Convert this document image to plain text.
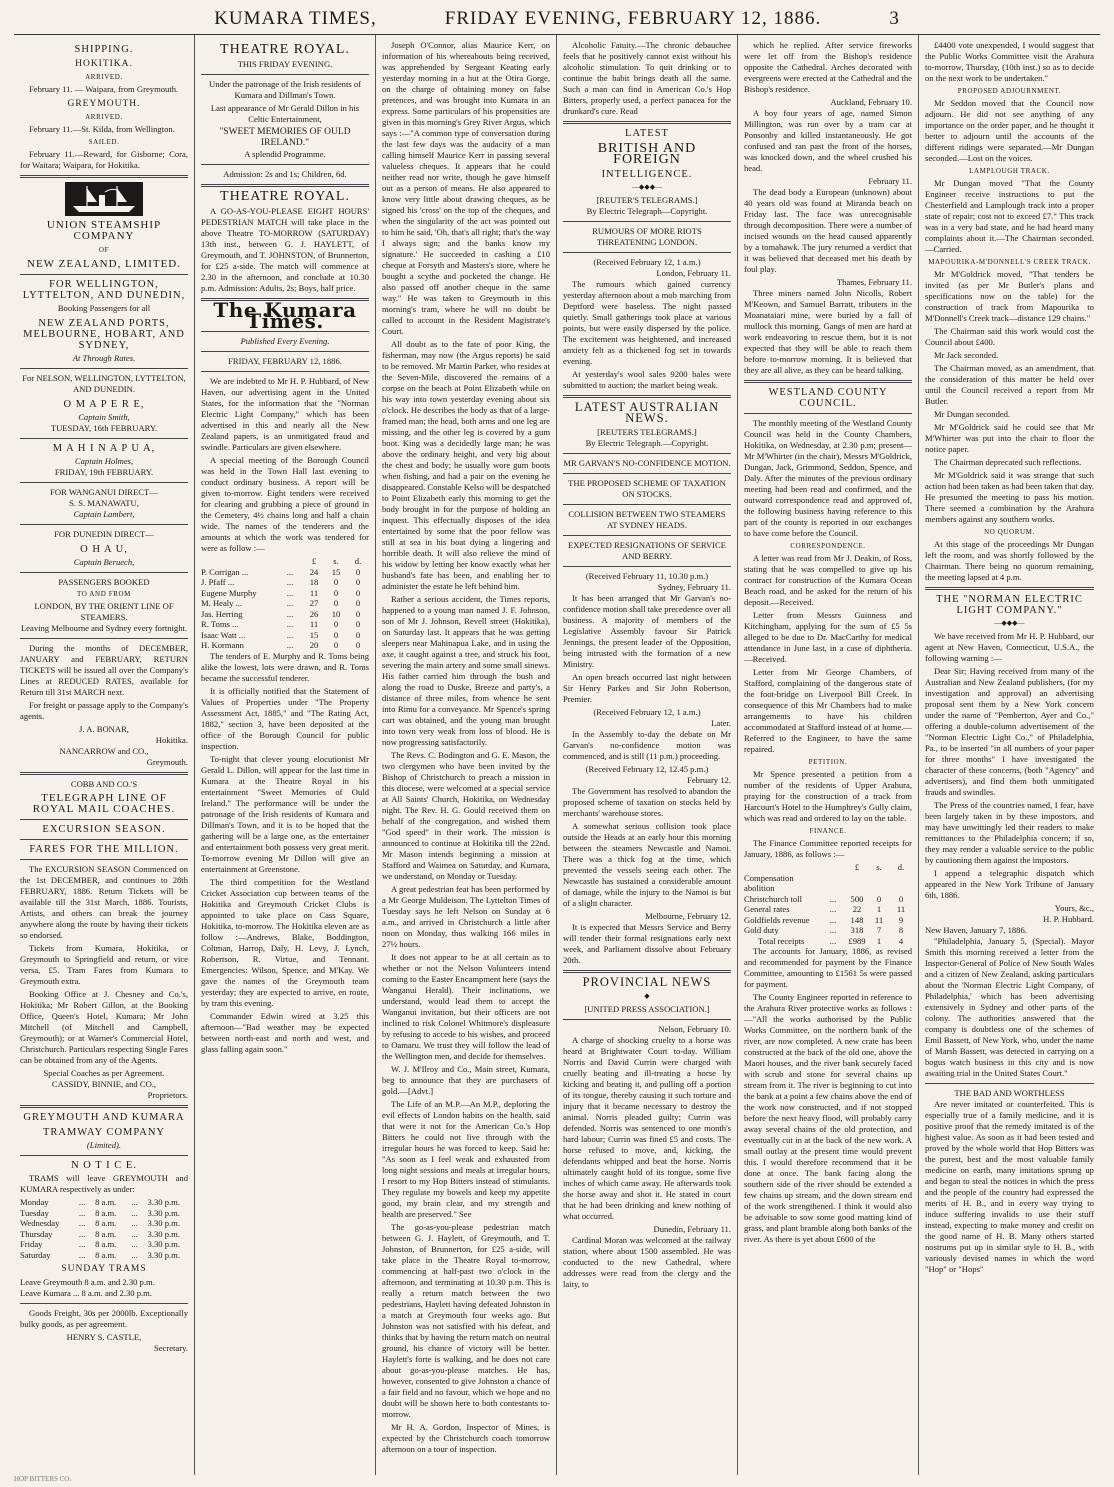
KUMARA TIMES,	FRIDAY EVENING, FEBRUARY 12, 1886.	3
SHIPPING.
HOKITIKA.
ARRIVED.

February 11. — Waipara, from Greymouth.

GREYMOUTH.
ARRIVED.

February 11.—St. Kilda, from Wellington.

SAILED.

February 11.—Reward, for Gisborne; Cora, for Waitara; Waipara, for Hokitika.

UNION STEAMSHIP COMPANY
OF
NEW ZEALAND, LIMITED.
FOR WELLINGTON, LYTTELTON, AND DUNEDIN,
Booking Passengers for all
NEW ZEALAND PORTS, MELBOURNE, HOBART, AND SYDNEY,
At Through Rates.
For NELSON, WELLINGTON, LYTTELTON, AND DUNEDIN.
O M A P E R E,
Captain Smith,
TUESDAY, 16th FEBRUARY.
M A H I N A P U A,
Captain Holmes,
FRIDAY, 19th FEBRUARY.
FOR WANGANUI DIRECT—
S. S. MANAWATU,
Captain Lambert,
FOR DUNEDIN DIRECT—
O H A U,
Captain Beruech,
PASSENGERS BOOKED
TO AND FROM
LONDON, BY THE ORIENT LINE OF STEAMERS.
Leaving Melbourne and Sydney every fortnight.

During the months of DECEMBER, JANUARY and FEBRUARY, RETURN TICKETS will be issued all over the Company's Lines at REDUCED RATES, available for Return till 31st MARCH next.

For freight or passage apply to the Company's agents.

J. A. BONAR,
Hokitika.
NANCARROW and CO.,
Greymouth.
COBB AND CO.'S
TELEGRAPH LINE OF ROYAL MAIL COACHES.
EXCURSION SEASON.
FARES FOR THE MILLION.

The EXCURSION SEASON Commenced on the 1st DECEMBER, and continues to 28th FEBRUARY, 1886. Return Tickets will be available till the 31st March, 1886. Tourists, Artists, and others can break the journey anywhere along the route by having their tickets so endorsed.

Tickets from Kumara, Hokitika, or Greymouth to Springfield and return, or vice versa, £5. Tram Fares from Kumara to Greymouth extra.

Booking Office at J. Chesney and Co.'s, Hokitika; Mr Robert Gillon, at the Booking Office, Queen's Hotel, Kumara; Mr John Mitchell (of Mitchell and Campbell, Greymouth); or at Warner's Commercial Hotel, Christchurch. Particulars respecting Single Fares can be obtained from any of the Agents.

Special Coaches as per Agreement.
CASSIDY, BINNIE, and CO.,
Proprietors.
GREYMOUTH AND KUMARA
TRAMWAY COMPANY
(Limited).
N O T I C E.

TRAMS will leave GREYMOUTH and KUMARA respectively as under:

Monday	...	8 a.m.	...	3.30 p.m.
Tuesday	...	8 a.m.	...	3.30 p.m.
Wednesday	...	8 a.m.	...	3.30 p.m.
Thursday	...	8 a.m.	...	3.30 p.m.
Friday	...	8 a.m.	...	3.30 p.m.
Saturday	...	8 a.m.	...	3.30 p.m.
SUNDAY TRAMS
Leave Greymouth 8 a.m. and 2.30 p.m.
Leave Kumara ... 8 a.m. and 2.30 p.m.

Goods Freight, 30s per 2000lb. Exceptionally bulky goods, as per agreement.

HENRY S. CASTLE,
Secretary.
THEATRE ROYAL.
THIS FRIDAY EVENING.

Under the patronage of the Irish residents of Kumara and Dillman's Town.

Last appearance of Mr Gerald Dillon in his Celtic Entertainment,

"SWEET MEMORIES OF OULD IRELAND."
A splendid Programme.
Admission: 2s and 1s; Children, 6d.
THEATRE ROYAL.

A GO-AS-YOU-PLEASE EIGHT HOURS' PEDESTRIAN MATCH will take place in the above Theatre TO-MORROW (SATURDAY) 13th inst., between G. J. HAYLETT, of Greymouth, and T. JOHNSTON, of Brunnerton, for £25 a-side. The match will commence at 2.30 in the afternoon, and conclude at 10.30 p.m. Admission: Adults, 2s; Boys, half price.

The Kumara Times.
Published Every Evening.
FRIDAY, FEBRUARY 12, 1886.

We are indebted to Mr H. P. Hubbard, of New Haven, our advertising agent in the United States, for the information that the "Norman Electric Light Company," which has been advertised in this and nearly all the New Zealand papers, is an unmitigated fraud and swindle. Particulars are given elsewhere.

A special meeting of the Borough Council was held in the Town Hall last evening to conduct ordinary business. A report will be given to-morrow. Eight tenders were received for clearing and grubbing a piece of ground in the Cemetery, 4½ chains long and half a chain wide. The names of the tenderers and the amounts at which the work was tendered for were as follow :—

		£	s.	d.
P. Corrigan ...	...	24	15	0
J. Pfaff ...	...	18	0	0
Eugene Murphy	...	11	0	0
M. Healy ...	...	27	0	0
Jas. Herring	...	26	10	0
R. Toms ...	...	11	0	0
Isaac Watt ...	...	15	0	0
H. Kormann	...	20	0	0

The tenders of E. Murphy and R. Toms being alike the lowest, lots were drawn, and R. Toms became the successful tenderer.

It is officially notified that the Statement of Values of Properties under "The Property Assessment Act, 1885," and "The Rating Act, 1882," section 3, have been deposited at the office of the Borough Council for public inspection.

To-night that clever young elocutionist Mr Gerald L. Dillon, will appear for the last time in Kumara at the Theatre Royal in his entertainment "Sweet Memories of Ould Ireland." The performance will be under the patronage of the Irish residents of Kumara and Dillman's Town, and it is to be hoped that the gathering will be a large one, as the entertainer and entertainment both possess very great merit. To-morrow evening Mr Dillon will give an entertainment at Greenstone.

The third competition for the Westland Cricket Association cup between teams of the Hokitika and Greymouth Cricket Clubs is appointed to take place on Cass Square, Hokitika, to-morrow. The Hokitika eleven are as follow :—Andrews, Blake, Boddington, Coltman, Harrop, Daly, H. Levy, J. Lynch, Robertson, R. Virtue, and Tennant. Emergencies: Wilson, Spence, and M'Kay. We gave the names of the Greymouth team yesterday; they are expected to arrive, en route, by tram this evening.

Commander Edwin wired at 3.25 this afternoon—"Bad weather may be expected between north-east and north and west, and glass falling again soon."

Joseph O'Connor, alias Maurice Kerr, on information of his whereabouts being received, was apprehended by Sergeant Keating early yesterday morning in a hut at the Otira Gorge, on the charge of obtaining money on false pretences, and was brought into Kumara in an express. Some particulars of his propensities are given in this morning's Grey River Argus, which says :—"A common type of conversation during the last few days was the audacity of a man calling himself Maurice Kerr in passing several valueless cheques. It appears that he could neither read nor write, though he gave himself out as a person of means. He also appeared to know very little about drawing cheques, as he signed his 'cross' on the top of the cheques, and when the singularity of the act was pointed out to him he said, 'Oh, that's all right; that's the way I always sign; and the banks know my signature.' He succeeded in cashing a £10 cheque at Forsyth and Masters's store, where he bought a scythe and pocketed the change. He also passed off another cheque in the same way." He was taken to Greymouth in this morning's tram, where he will no doubt be called to account in the Resident Magistrate's Court.

All doubt as to the fate of poor King, the fisherman, may now (the Argus reports) be said to be removed. Mr Martin Parker, who resides at the Seven-Mile, discovered the remains of a corpse on the beach at Point Elizabeth while on his way into town yesterday evening about six o'clock. He describes the body as that of a large-framed man; the head, both arms and one leg are missing, and the other leg is covered by a gum boot. King was a decidedly large man; he was above the ordinary height, and very big about the chest and body; he usually wore gum boots when fishing, and had a pair on the evening he disappeared. Constable Kelso will be despatched to Point Elizabeth early this morning to get the body brought in for the purpose of holding an inquest. This effectually disposes of the idea entertained by some that the poor fellow was still at sea in his boat dying a lingering and horrible death. It will also relieve the mind of his widow by letting her know exactly what her husband's fate has been, and enabling her to administer the estate he left behind him.

Rather a serious accident, the Times reports, happened to a young man named J. F. Johnson, son of Mr J. Johnson, Revell street (Hokitika), on Saturday last. It appears that he was getting sleepers near Mahinapua Lake, and in using the axe, it caught against a tree, and struck his foot, severing the main artery and some small sinews. His father carried him through the bush and along the road to Duske, Breeze and party's, a distance of three miles, from whence he sent into Rimu for a conveyance. Mr Spence's spring cart was obtained, and the young man brought into town very weak from loss of blood. He is now progressing satisfactorily.

The Revs. C. Bodington and G. E. Mason, the two clergymen who have been invited by the Bishop of Christchurch to preach a mission in this diocese, were welcomed at a special service at All Saints' Church, Hokitika, on Wednesday night. The Rev. H. G. Gould received them on behalf of the congregation, and wished them "God speed" in their work. The mission is announced to continue at Hokitika till the 22nd. Mr Mason intends beginning a mission at Stafford and Waimea on Saturday, and Kumara, we understand, on Monday or Tuesday.

A great pedestrian feat has been performed by a Mr George Muldeison. The Lyttelton Times of Tuesday says he left Nelson on Sunday at 6 a.m., and arrived in Christchurch a little after noon on Monday, thus walking 166 miles in 27½ hours.

It does not appear to be at all certain as to whether or not the Nelson Volunteers intend coming to the Easter Encampment here (says the Wanganui Herald). Their inclinations, we understand, would lead them to accept the Wanganui invitation, but their officers are not inclined to risk Colonel Whitmore's displeasure by refusing to accede to his wishes, and proceed to Oamaru. We trust they will follow the lead of the Wellington men, and decide for themselves.

W. J. M'Ilroy and Co., Main street, Kumara, beg to announce that they are purchasers of gold.—[Advt.]

The Life of an M.P.—An M.P., deploring the evil effects of London habits on the health, said that were it not for the American Co.'s Hop Bitters he could not live through with the irregular hours he was forced to keep. Said he: "As soon as I feel weak and exhausted from long night sessions and meals at irregular hours, I resort to my Hop Bitters instead of stimulants. They regulate my bowels and keep my appetite good, my brain clear, and my strength and health are preserved." See

The go-as-you-please pedestrian match between G. J. Haylett, of Greymouth, and T. Johnston, of Brunnerton, for £25 a-side, will take place in the Theatre Royal to-morrow, commencing at half-past two o'clock in the afternoon, and terminating at 10.30 p.m. This is really a return match between the two pedestrians, Haylett having defeated Johnston in a match at Greymouth four weeks ago. But Johnston was not satisfied with his defeat, and thinks that by having the return match on neutral ground, his chance of victory will be better. Haylett's forte is walking, and he does not care about go-as-you-please matches. He has, however, consented to give Johnston a chance of a fair field and no favour, which we hope and no doubt will be shown here to both contestants to-morrow.

Mr H. A. Gordon, Inspector of Mines, is expected by the Christchurch coach tomorrow afternoon on a tour of inspection.

Alcoholic Fatuity.—The chronic debauchee feels that he positively cannot exist without his alcoholic stimulation. To quit drinking or to continue the habit brings death all the same. Such a man can find in American Co.'s Hop Bitters, properly used, a perfect panacea for the drunkard's cure. Read

LATEST
BRITISH AND FOREIGN
INTELLIGENCE.
—◆◆◆—
[REUTER'S TELEGRAMS.]
By Electric Telegraph—Copyright.
RUMOURS OF MORE RIOTS THREATENING LONDON.
(Received February 12, 1 a.m.)
London, February 11.

The rumours which gained currency yesterday afternoon about a mob marching from Deptford were baseless. The night passed quietly. Small gatherings took place at various points, but were easily dispersed by the police. The excitement was heightened, and increased anxiety felt as a thickened fog set in towards evening.

At yesterday's wool sales 9200 bales were submitted to auction; the market being weak.

LATEST AUSTRALIAN NEWS.
[REUTERS TELEGRAMS.]
By Electric Telegraph.—Copyright.
MR GARVAN'S NO-CONFIDENCE MOTION.
THE PROPOSED SCHEME OF TAXATION ON STOCKS.
COLLISION BETWEEN TWO STEAMERS AT SYDNEY HEADS.
EXPECTED RESIGNATIONS OF SERVICE AND BERRY.
(Received February 11, 10.30 p.m.)
Sydney, February 11.

It has been arranged that Mr Garvan's no-confidence motion shall take precedence over all business. A majority of members of the Legislative Assembly favour Sir Patrick Jennings, the present leader of the Opposition, being intrusted with the formation of a new Ministry.

An open breach occurred last night between Sir Henry Parkes and Sir John Robertson, Premier.

(Received February 12, 1 a.m.)
Later.

In the Assembly to-day the debate on Mr Garvan's no-confidence motion was commenced, and is still (11 p.m.) proceeding.

(Received February 12, 12.45 p.m.)
February 12.

The Government has resolved to abandon the proposed scheme of taxation on stocks held by merchants' warehouse stores.

A somewhat serious collision took place outside the Heads at an early hour this morning between the steamers Newcastle and Namoi. There was a thick fog at the time, which prevented the vessels seeing each other. The Newcastle has sustained a considerable amount of damage, while the injury to the Namoi is but of a slight character.

Melbourne, February 12.

It is expected that Messrs Service and Berry will tender their formal resignations early next week, and Parliament dissolve about February 20th.

PROVINCIAL NEWS
◆
[UNITED PRESS ASSOCIATION.]
Nelson, February 10.

A charge of shocking cruelty to a horse was heard at Brightwater Court to-day. William Norris and David Currin were charged with cruelly beating and ill-treating a horse by kicking and beating it, and pulling off a portion of its tongue, thereby causing it such torture and injury that it became necessary to destroy the animal. Norris pleaded guilty; Currin was defended. Norris was sentenced to one month's hard labour; Currin was fined £5 and costs. The horse refused to move, and, kicking, the defendants whipped and beat the horse. Norris ultimately caught hold of its tongue, some five inches of which came away. He afterwards took the horse away and shot it. He stated in court that he had been drinking and knew nothing of what occurred.

Dunedin, February 11.

Cardinal Moran was welcomed at the railway station, where about 1500 assembled. He was conducted to the new Cathedral, where addresses were read from the clergy and the laity, to

which he replied. After service fireworks were let off from the Bishop's residence opposite the Cathedral. Arches decorated with evergreens were erected at the Cathedral and the Bishop's residence.

Auckland, February 10.

A boy four years of age, named Simon Millington, was run over by a tram car at Ponsonby and killed instantaneously. He got confused and ran past the front of the horses, was knocked down, and the wheel crushed his head.

February 11.

The dead body a European (unknown) about 40 years old was found at Miranda beach on Friday last. The face was unrecognisable through decomposition. There were a number of incised wounds on the head caused apparently by a tomahawk. The jury returned a verdict that it was believed that deceased met his death by foul play.

Thames, February 11.

Three miners named John Nicolls, Robert M'Keown, and Samuel Barratt, tributers in the Moanataiari mine, were buried by a fall of mullock this morning. Gangs of men are hard at work endeavoring to rescue them, but it is not expected that they will be able to reach them before to-morrow morning. It is believed that they are all alive, as they can be heard talking.

WESTLAND COUNTY COUNCIL.

The monthly meeting of the Westland County Council was held in the County Chambers, Hokitika, on Wednesday, at 2.30 p.m; present—Mr M'Whirter (in the chair), Messrs M'Goldrick, Dungan, Jack, Grimmond, Seddon, Spence, and Daly. After the minutes of the previous ordinary meeting had been read and confirmed, and the outward correspondence read and approved of, the following business having reference to this part of the county is reported in our exchanges to have come before the Council.

CORRESPONDENCE.

A letter was read from Mr J. Deakin, of Ross, stating that he was compelled to give up his contract for construction of the Kumara Ocean Beach road, and he asked for the return of his deposit.—Received.

Letter from Messrs Guinness and Kitchingham, applying for the sum of £5 5s alleged to be due to Dr. MacCarthy for medical attendance in June last, in a case of diphtheria.—Received.

Letter from Mr George Chambers, of Stafford, complaining of the dangerous state of the foot-bridge on Liverpool Bill Creek. In consequence of this Mr Chambers had to make arrangements to have his children accommodated at Stafford instead of at home.—Referred to the Engineer, to have the same repaired.

PETITION.

Mr Spence presented a petition from a number of the residents of Upper Arahura, praying for the construction of a track from Harcourt's Hotel to the Humphrey's Gully claim, which was read and ordered to lay on the table.

FINANCE.

The Finance Committee reported receipts for January, 1886, as follows :—

		£	s.	d.
Compensation abolition				
Christchurch toll	...	500	0	0
General rates	...	22	1	11
Goldfields revenue	...	148	11	9
Gold duty	...	318	7	8
Total receipts	...	£989	1	4

The accounts for January, 1886, as revised and recommended for payment by the Finance Committee, amounting to £1561 5s were passed for payment.

The County Engineer reported in reference to the Arahura River protective works as follows :—"All the works authorised by the Public Works Committee, on the northern bank of the river, are now completed. A new crate has been constructed at the back of the old one, above the Maori houses, and the river bank securely faced with scrub and stone for several chains up stream from it. The river is beginning to cut into the bank at a point a few chains above the end of the work now constructed, and if not stopped before the next heavy flood, will probably carry away several chains of the old protection, and eventually cut in at the back of the new work. A small outlay at the present time would prevent this. I would therefore recommend that it be done at once. The bank facing along the southern side of the river should be extended a few chains up stream, and the down stream end of the work strengthened. I think it would also be advisable to sow some good matting kind of grass, and plant bramble along both banks of the river. As there is yet about £600 of the

£4400 vote unexpended, I would suggest that the Public Works Committee visit the Arahura to-morrow, Thursday, (10th inst.) so as to decide on the next work to be undertaken."

PROPOSED ADJOURNMENT.

Mr Seddon moved that the Council now adjourn. He did not see anything of any importance on the order paper, and he thought it better to adjourn until the accounts of the different ridings were separated.—Mr Dungan seconded.—Lost on the voices.

LAMPLOUGH TRACK.

Mr Dungan moved "That the County Engineer receive instructions to put the Chesterfield and Lamplough track into a proper state of repair; cost not to exceed £7." This track was in a very bad state, and he had heard many complaints about it.—The Chairman seconded.—Carried.

MAPOURIKA-M'DONNELL'S CREEK TRACK.

Mr M'Goldrick moved, "That tenders be invited (as per Mr Butler's plans and specifications now on the table) for the construction of track from Mapourika to M'Donnell's Creek track—distance 129 chains."

The Chairman said this work would cost the Council about £400.

Mr Jack seconded.

The Chairman moved, as an amendment, that the consideration of this matter be held over until the Council received a report from Mr Butler.

Mr Dungan seconded.

Mr M'Goldrick said he could see that Mr M'Whirter was put into the chair to floor the notice paper.

The Chairman deprecated such reflections.

Mr M'Goldrick said it was strange that such action had been taken as had been taken that day. He presumed the meeting to pass his motion. There seemed a combination by the Arahura members against any southern works.

NO QUORUM.

At this stage of the proceedings Mr Dungan left the room, and was shortly followed by the Chairman. There being no quorum remaining, the meeting lapsed at 4 p.m.

THE "NORMAN ELECTRIC LIGHT COMPANY."
—◆◆◆—

We have received from Mr H. P. Hubbard, our agent at New Haven, Connecticut, U.S.A., the following warning :—

Dear Sir; Having received from many of the Australian and New Zealand publishers, (for my investigation and approval) an advertising proposal sent them by a New York concern under the name of "Pemberton, Ayer and Co.," offering a double-column advertisement of the "Norman Electric Light Co.," of Philadelphia, Pa., to be inserted "in all numbers of your paper for three months" I have investigated the character of these concerns, (both "Agency" and advertisers), and find them both unmitigated frauds and swindles.

The Press of the countries named, I fear, have been largely taken in by these impostors, and may have unwittingly led their readers to make remittances to the Philadelphia concern; if so, they may render a valuable service to the public by cautioning them against the impostors.

I append a telegraphic dispatch which appeared in the New York Tribune of January 6th, 1886.

Yours, &c.,
H. P. Hubbard.
New Haven, January 7, 1886.

"Philadelphia, January 5, (Special). Mayor Smith this morning received a letter from the Inspector-General of Police of New South Wales and a citizen of New Zealand, asking particulars about the 'Norman Electric Light Company, of Philadelphia,' which has been advertising extensively in Sydney and other parts of the colony. The authorities answered that the company is doubtless one of the schemes of Emil Bassett, of New York, who, under the name of Marsh Bassett, was detected in carrying on a bogus watch business in this city and is now awaiting trial in the United States Court."

THE BAD AND WORTHLESS

Are never imitated or counterfeited. This is especially true of a family medicine, and it is positive proof that the remedy imitated is of the highest value. As soon as it had been tested and proved by the whole world that Hop Bitters was the purest, best and the most valuable family medicine on earth, many imitations sprung up and began to steal the notices in which the press and the people of the country had expressed the merits of H. B., and in every way trying to induce suffering invalids to use their stuff instead, expecting to make money and credit on the good name of H. B. Many others started nostrums put up in similar style to H. B., with variously devised names in which the word "Hop" or "Hops"

HOP BITTERS CO.
